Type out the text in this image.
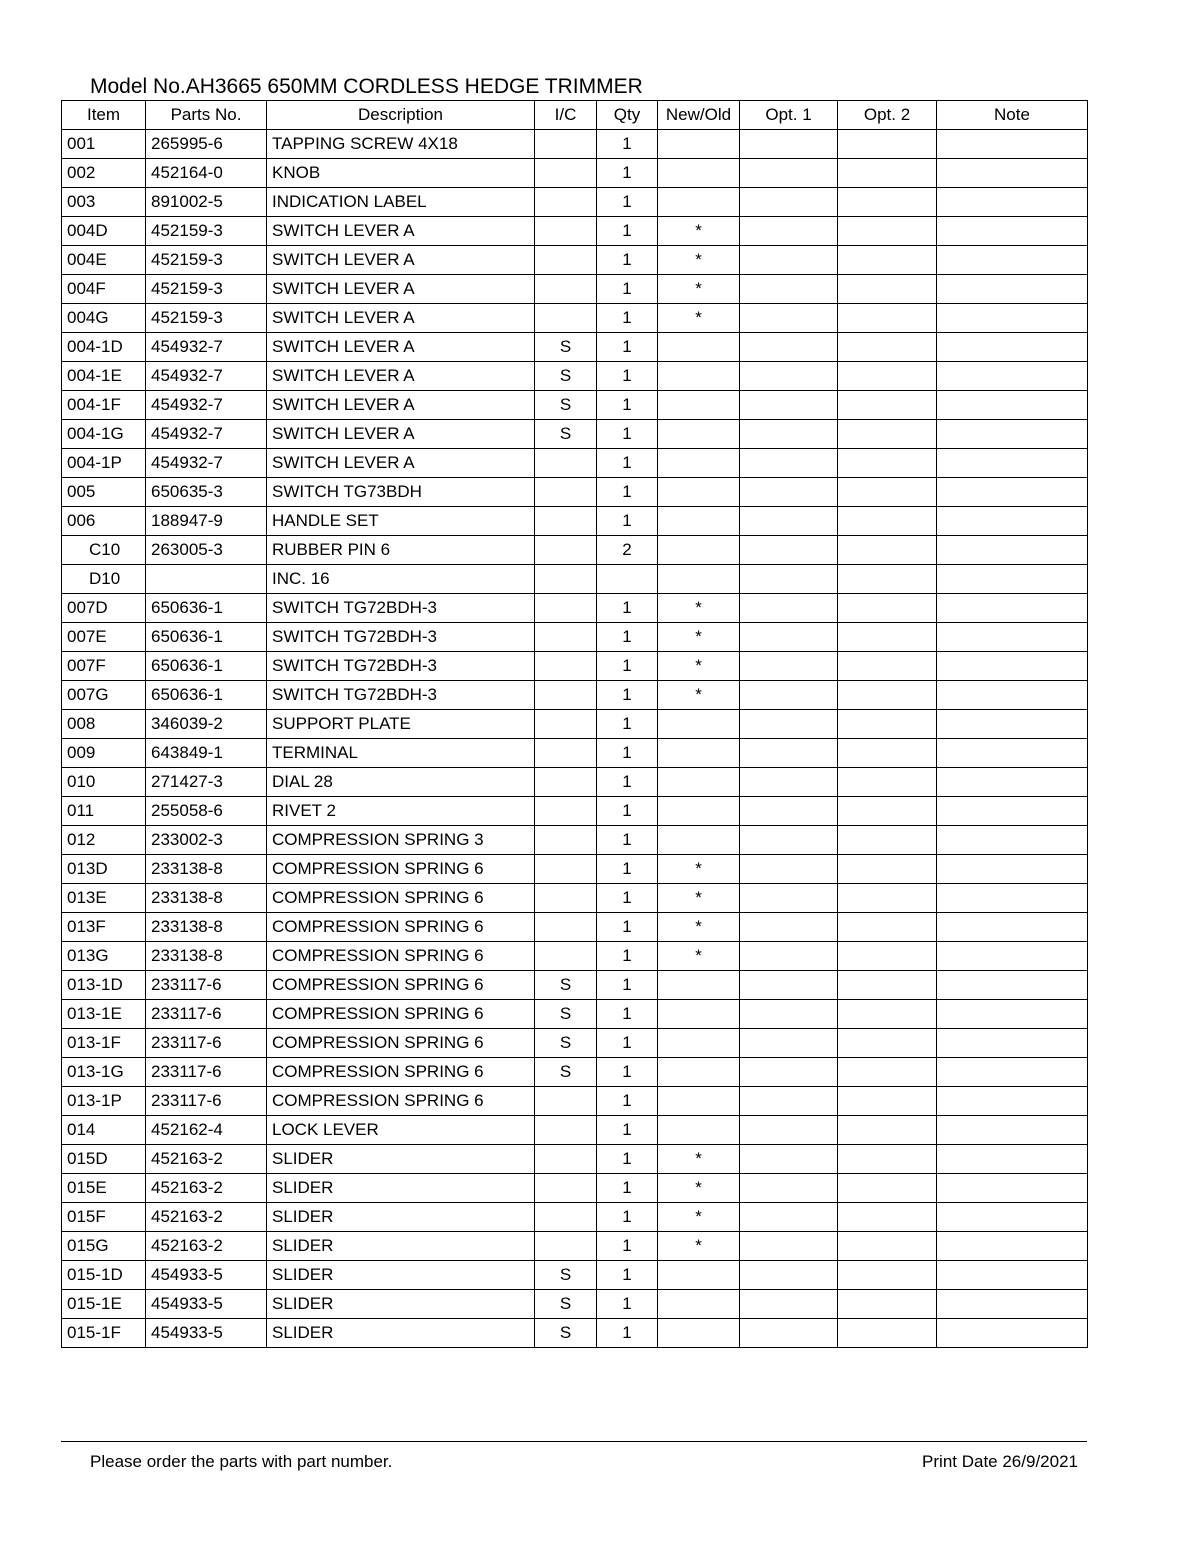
Model No.AH3665 650MM CORDLESS HEDGE TRIMMER
Item	Parts No.	Description	I/C	Qty	New/Old	Opt. 1	Opt. 2	Note
001	265995-6	TAPPING SCREW 4X18		1				
002	452164-0	KNOB		1				
003	891002-5	INDICATION LABEL		1				
004D	452159-3	SWITCH LEVER A		1	*			
004E	452159-3	SWITCH LEVER A		1	*			
004F	452159-3	SWITCH LEVER A		1	*			
004G	452159-3	SWITCH LEVER A		1	*			
004-1D	454932-7	SWITCH LEVER A	S	1				
004-1E	454932-7	SWITCH LEVER A	S	1				
004-1F	454932-7	SWITCH LEVER A	S	1				
004-1G	454932-7	SWITCH LEVER A	S	1				
004-1P	454932-7	SWITCH LEVER A		1				
005	650635-3	SWITCH TG73BDH		1				
006	188947-9	HANDLE SET		1				
C10	263005-3	RUBBER PIN 6		2				
D10		INC. 16						
007D	650636-1	SWITCH TG72BDH-3		1	*			
007E	650636-1	SWITCH TG72BDH-3		1	*			
007F	650636-1	SWITCH TG72BDH-3		1	*			
007G	650636-1	SWITCH TG72BDH-3		1	*			
008	346039-2	SUPPORT PLATE		1				
009	643849-1	TERMINAL		1				
010	271427-3	DIAL 28		1				
011	255058-6	RIVET 2		1				
012	233002-3	COMPRESSION SPRING 3		1				
013D	233138-8	COMPRESSION SPRING 6		1	*			
013E	233138-8	COMPRESSION SPRING 6		1	*			
013F	233138-8	COMPRESSION SPRING 6		1	*			
013G	233138-8	COMPRESSION SPRING 6		1	*			
013-1D	233117-6	COMPRESSION SPRING 6	S	1				
013-1E	233117-6	COMPRESSION SPRING 6	S	1				
013-1F	233117-6	COMPRESSION SPRING 6	S	1				
013-1G	233117-6	COMPRESSION SPRING 6	S	1				
013-1P	233117-6	COMPRESSION SPRING 6		1				
014	452162-4	LOCK LEVER		1				
015D	452163-2	SLIDER		1	*			
015E	452163-2	SLIDER		1	*			
015F	452163-2	SLIDER		1	*			
015G	452163-2	SLIDER		1	*			
015-1D	454933-5	SLIDER	S	1				
015-1E	454933-5	SLIDER	S	1				
015-1F	454933-5	SLIDER	S	1				
Please order the parts with part number.	Print Date 26/9/2021
